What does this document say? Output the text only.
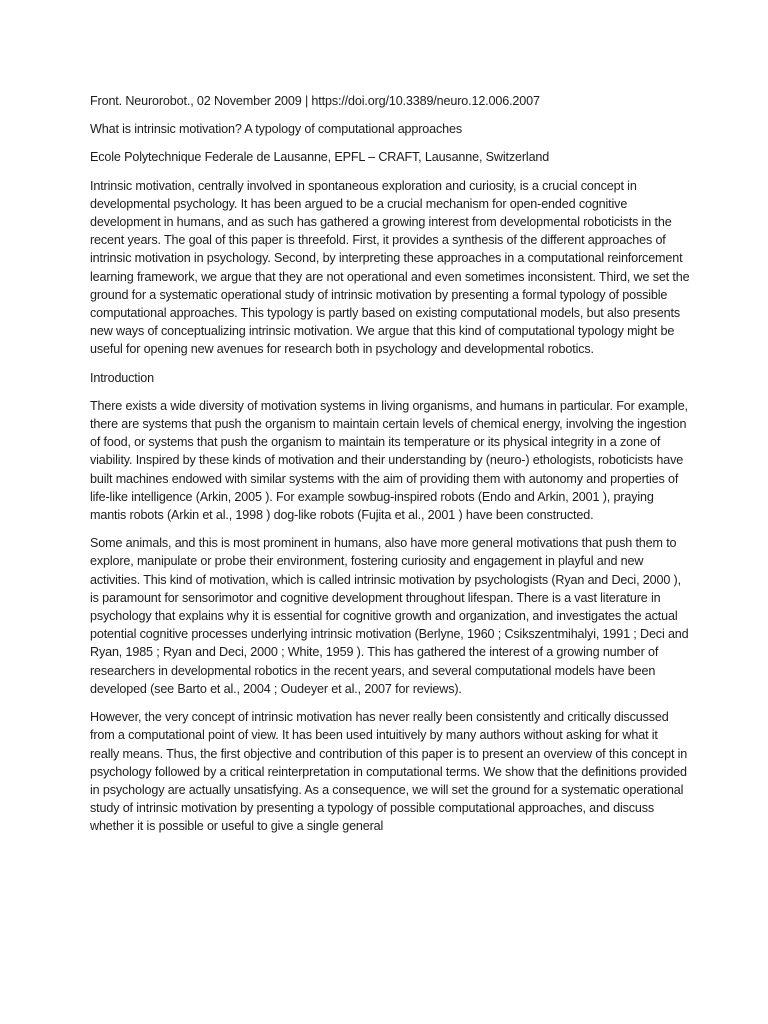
Front. Neurorobot., 02 November 2009 | https://doi.org/10.3389/neuro.12.006.2007

What is intrinsic motivation? A typology of computational approaches

Ecole Polytechnique Federale de Lausanne, EPFL – CRAFT, Lausanne, Switzerland

Intrinsic motivation, centrally involved in spontaneous exploration and curiosity, is a crucial concept in developmental psychology. It has been argued to be a crucial mechanism for open-ended cognitive development in humans, and as such has gathered a growing interest from developmental roboticists in the recent years. The goal of this paper is threefold. First, it provides a synthesis of the different approaches of intrinsic motivation in psychology. Second, by interpreting these approaches in a computational reinforcement learning framework, we argue that they are not operational and even sometimes inconsistent. Third, we set the ground for a systematic operational study of intrinsic motivation by presenting a formal typology of possible computational approaches. This typology is partly based on existing computational models, but also presents new ways of conceptualizing intrinsic motivation. We argue that this kind of computational typology might be useful for opening new avenues for research both in psychology and developmental robotics.

Introduction

There exists a wide diversity of motivation systems in living organisms, and humans in particular. For example, there are systems that push the organism to maintain certain levels of chemical energy, involving the ingestion of food, or systems that push the organism to maintain its temperature or its physical integrity in a zone of viability. Inspired by these kinds of motivation and their understanding by (neuro-) ethologists, roboticists have built machines endowed with similar systems with the aim of providing them with autonomy and properties of life-like intelligence (Arkin, 2005 ). For example sowbug-inspired robots (Endo and Arkin, 2001 ), praying mantis robots (Arkin et al., 1998 ) dog-like robots (Fujita et al., 2001 ) have been constructed.

Some animals, and this is most prominent in humans, also have more general motivations that push them to explore, manipulate or probe their environment, fostering curiosity and engagement in playful and new activities. This kind of motivation, which is called intrinsic motivation by psychologists (Ryan and Deci, 2000 ), is paramount for sensorimotor and cognitive development throughout lifespan. There is a vast literature in psychology that explains why it is essential for cognitive growth and organization, and investigates the actual potential cognitive processes underlying intrinsic motivation (Berlyne, 1960 ; Csikszentmihalyi, 1991 ; Deci and Ryan, 1985 ; Ryan and Deci, 2000 ; White, 1959 ). This has gathered the interest of a growing number of researchers in developmental robotics in the recent years, and several computational models have been developed (see Barto et al., 2004 ; Oudeyer et al., 2007 for reviews).

However, the very concept of intrinsic motivation has never really been consistently and critically discussed from a computational point of view. It has been used intuitively by many authors without asking for what it really means. Thus, the first objective and contribution of this paper is to present an overview of this concept in psychology followed by a critical reinterpretation in computational terms. We show that the definitions provided in psychology are actually unsatisfying. As a consequence, we will set the ground for a systematic operational study of intrinsic motivation by presenting a typology of possible computational approaches, and discuss whether it is possible or useful to give a single general
